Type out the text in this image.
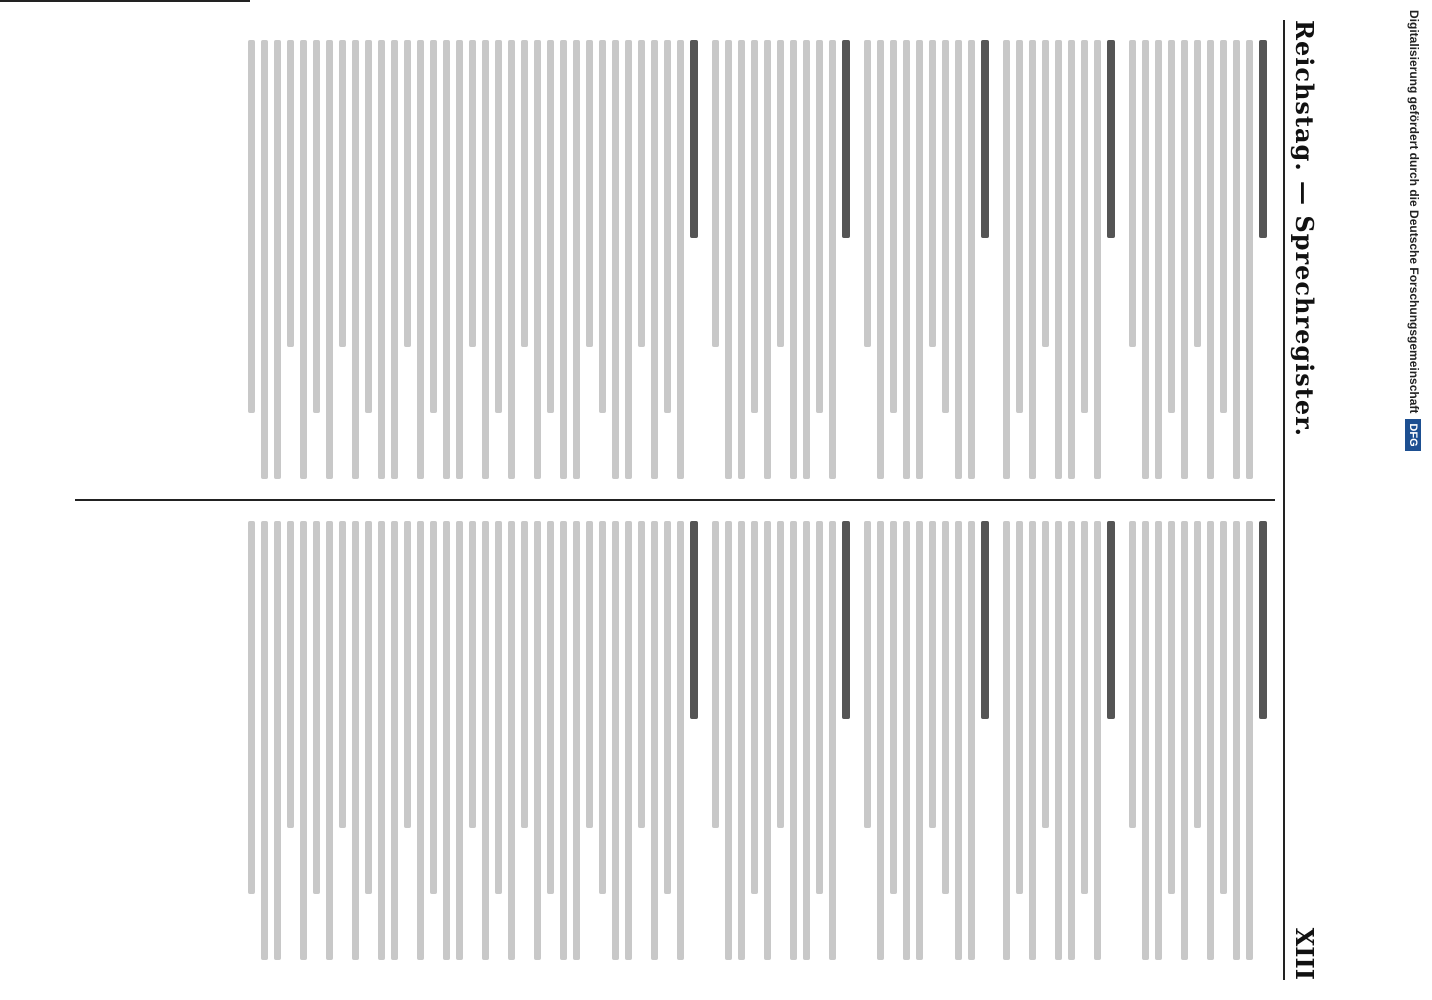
Reichstag. — Sprechregister.
XIII
Digitalisierung gefördert durch die Deutsche ForschungsgemeinschaftDFG
